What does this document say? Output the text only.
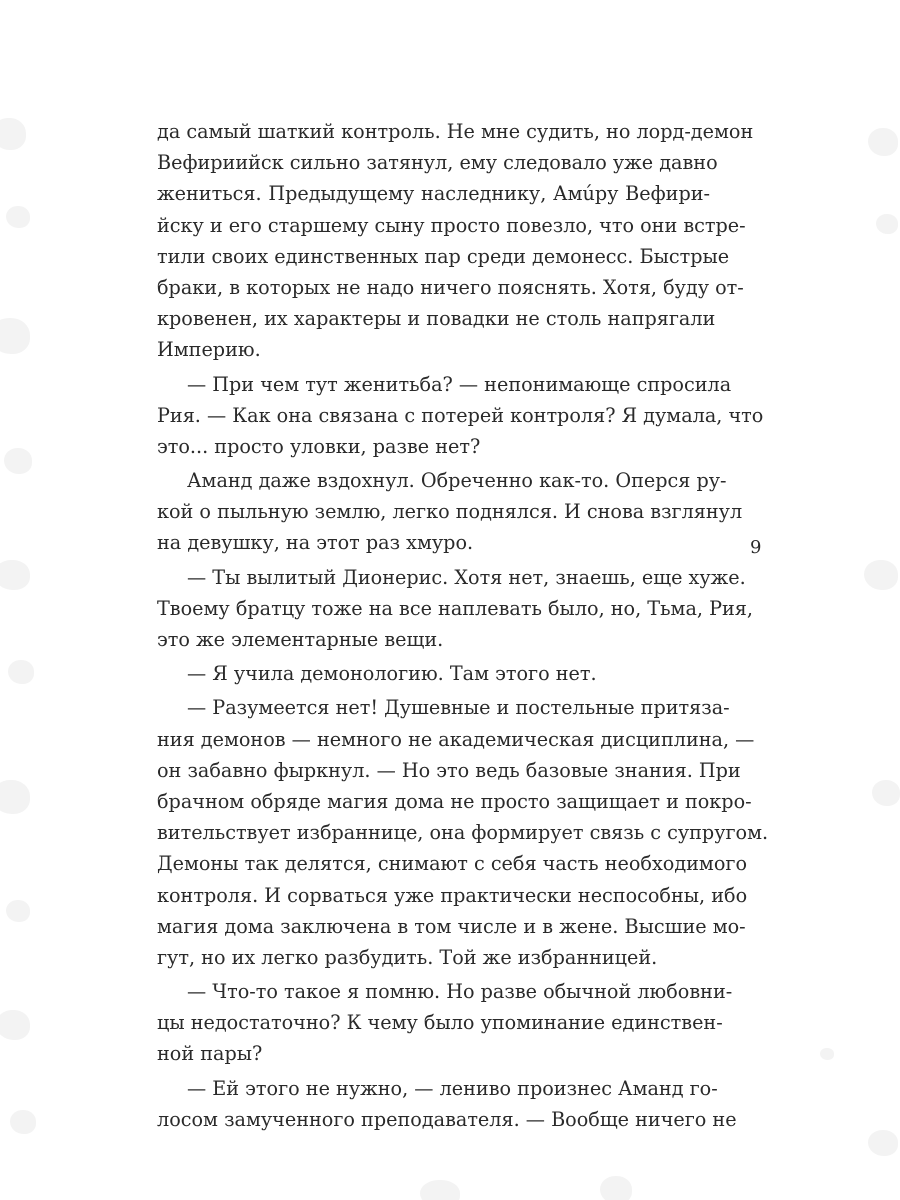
да самый шаткий контроль. Не мне судить, но лорд-демон
Вефириийск сильно затянул, ему следовало уже давно
жениться. Предыдущему наследнику, Амúру Вефири-
йску и его старшему сыну просто повезло, что они встре-
тили своих единственных пар среди демонесс. Быстрые
браки, в которых не надо ничего пояснять. Хотя, буду от-
кровенен, их характеры и повадки не столь напрягали
Империю.
— При чем тут женитьба? — непонимающе спросила
Рия. — Как она связана с потерей контроля? Я думала, что
это... просто уловки, разве нет?
Аманд даже вздохнул. Обреченно как-то. Оперся ру-
кой о пыльную землю, легко поднялся. И снова взглянул
на девушку, на этот раз хмуро.
— Ты вылитый Дионерис. Хотя нет, знаешь, еще хуже.
Твоему братцу тоже на все наплевать было, но, Тьма, Рия,
это же элементарные вещи.
— Я учила демонологию. Там этого нет.
— Разумеется нет! Душевные и постельные притяза-
ния демонов — немного не академическая дисциплина, —
он забавно фыркнул. — Но это ведь базовые знания. При
брачном обряде магия дома не просто защищает и покро-
вительствует избраннице, она формирует связь с супругом.
Демоны так делятся, снимают с себя часть необходимого
контроля. И сорваться уже практически неспособны, ибо
магия дома заключена в том числе и в жене. Высшие мо-
гут, но их легко разбудить. Той же избранницей.
— Что-то такое я помню. Но разве обычной любовни-
цы недостаточно? К чему было упоминание единствен-
ной пары?
— Ей этого не нужно, — лениво произнес Аманд го-
лосом замученного преподавателя. — Вообще ничего не
9
